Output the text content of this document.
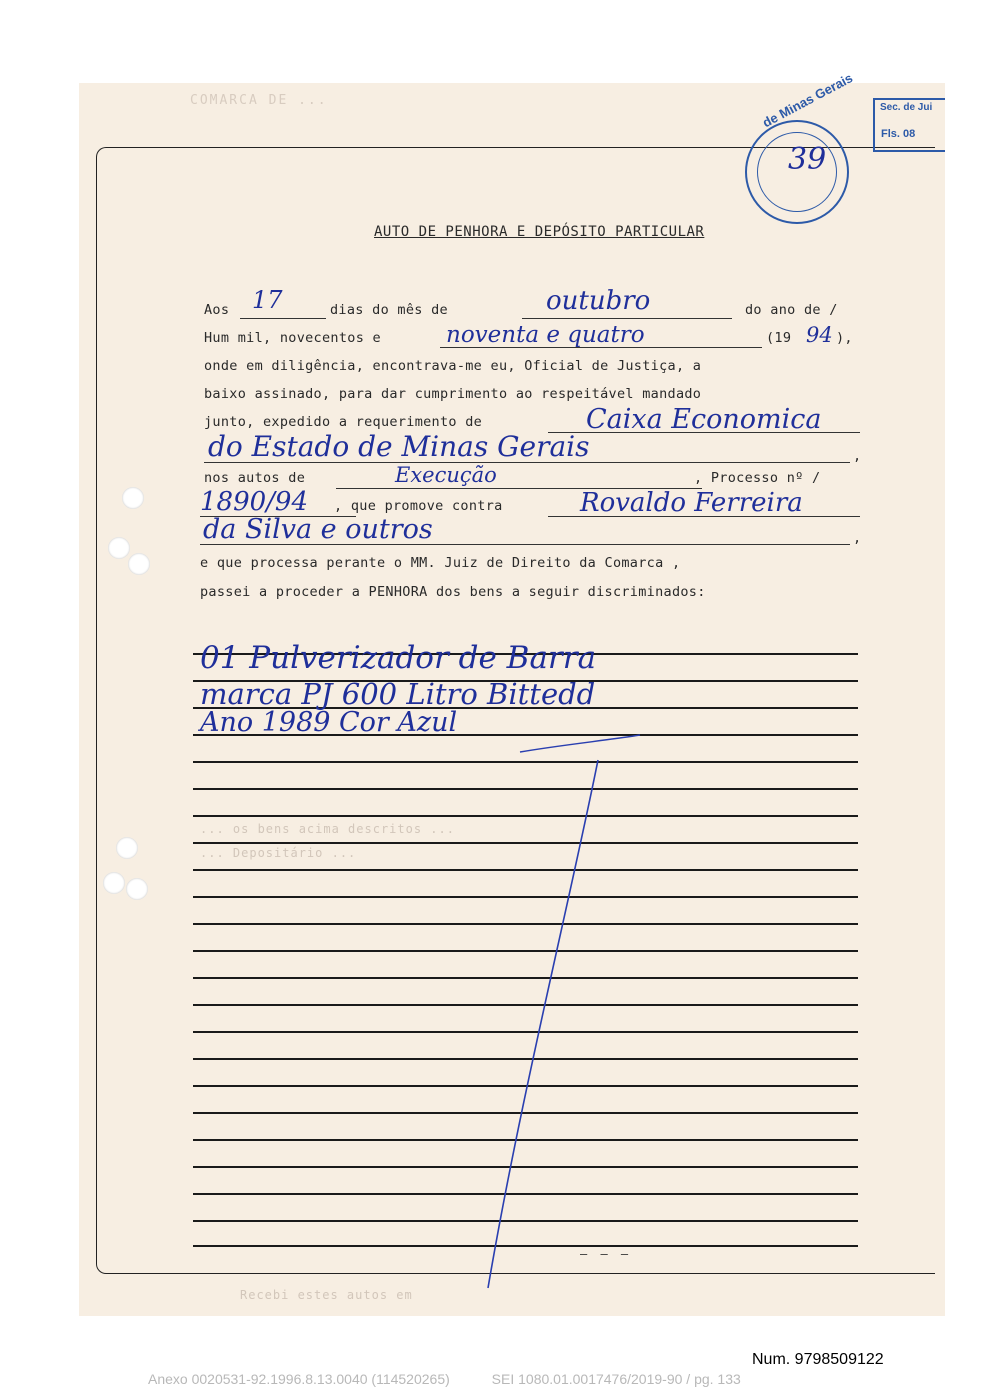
COMARCA DE ...	de Minas Gerais Sec. de Jui
Fls. 08
39
AUTO DE PENHORA E DEPÓSITO PARTICULAR
Aos 17	dias do mês de	outubro	do ano de /
Hum mil, novecentos e	noventa e quatro	(19 94 ),
onde em diligência, encontrava-me eu, Oficial de Justiça, a
baixo assinado, para dar cumprimento ao respeitável mandado
junto, expedido a requerimento de	Caixa Economica
do Estado de Minas Gerais	,
nos autos de	Execução	, Processo nº /
1890/94 , que promove contra	Rovaldo Ferreira
da Silva e outros	,
e que processa perante o MM. Juiz de Direito da Comarca ,
passei a proceder a PENHORA dos bens a seguir discriminados:
01 Pulverizador de Barra
marca PJ 600 Litro Bittedd
Ano 1989 Cor Azul
... os bens acima descritos ...
... Depositário ...
Recebi estes autos em
— — —
Num. 9798509122
Anexo 0020531-92.1996.8.13.0040 (114520265)	SEI 1080.01.0017476/2019-90 / pg. 133
